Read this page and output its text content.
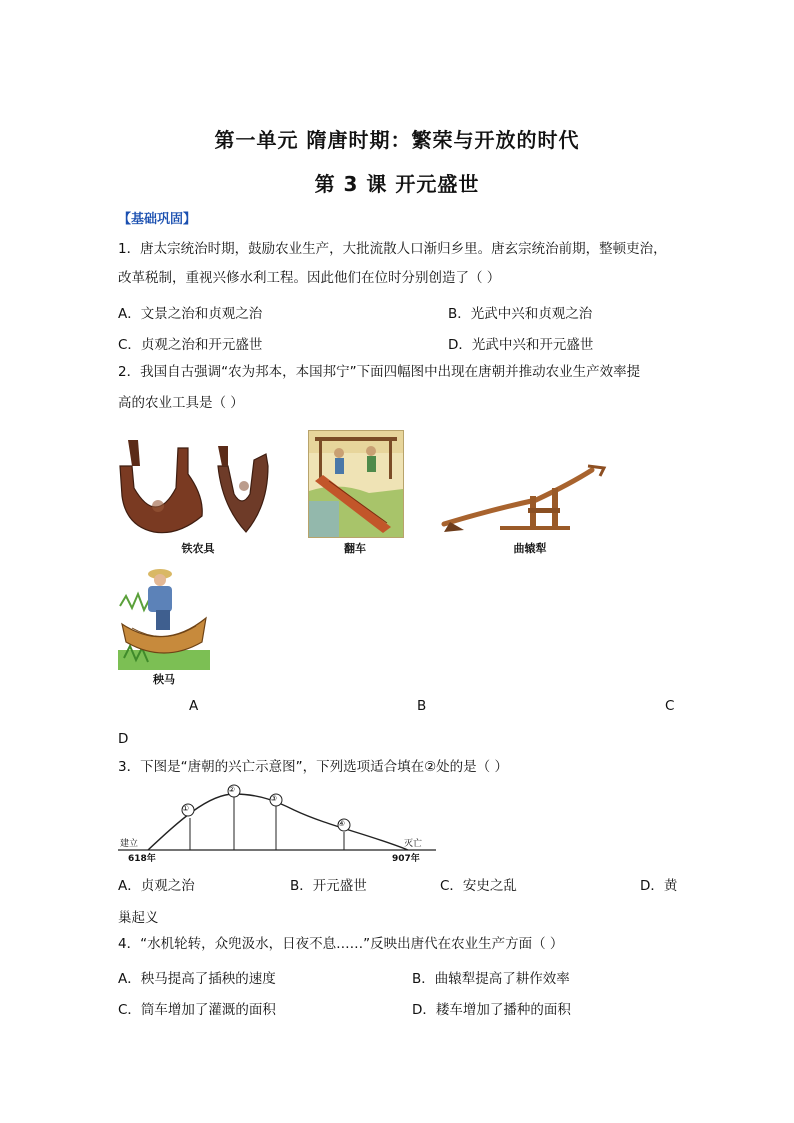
第一单元 隋唐时期：繁荣与开放的时代
第 3 课 开元盛世
【基础巩固】
1．唐太宗统治时期，鼓励农业生产，大批流散人口渐归乡里。唐玄宗统治前期，整顿吏治，
改革税制，重视兴修水利工程。因此他们在位时分别创造了（ ）
A．文景之治和贞观之治	B．光武中兴和贞观之治
C．贞观之治和开元盛世	D．光武中兴和开元盛世
2．我国自古强调“农为邦本，本国邦宁”下面四幅图中出现在唐朝并推动农业生产效率提
高的农业工具是（ ）
铁农具	翻车	曲辕犁
秧马
A	B	C
D
3．下图是“唐朝的兴亡示意图”，下列选项适合填在②处的是（ ）
①
②
③
④
建立
618年
灭亡
907年
A．贞观之治	B．开元盛世	C．安史之乱	D．黄
巢起义
4．“水机轮转，众兜汲水，日夜不息……”反映出唐代在农业生产方面（ ）
A．秧马提高了插秧的速度	B．曲辕犁提高了耕作效率
C．筒车增加了灌溉的面积	D．耧车增加了播种的面积
